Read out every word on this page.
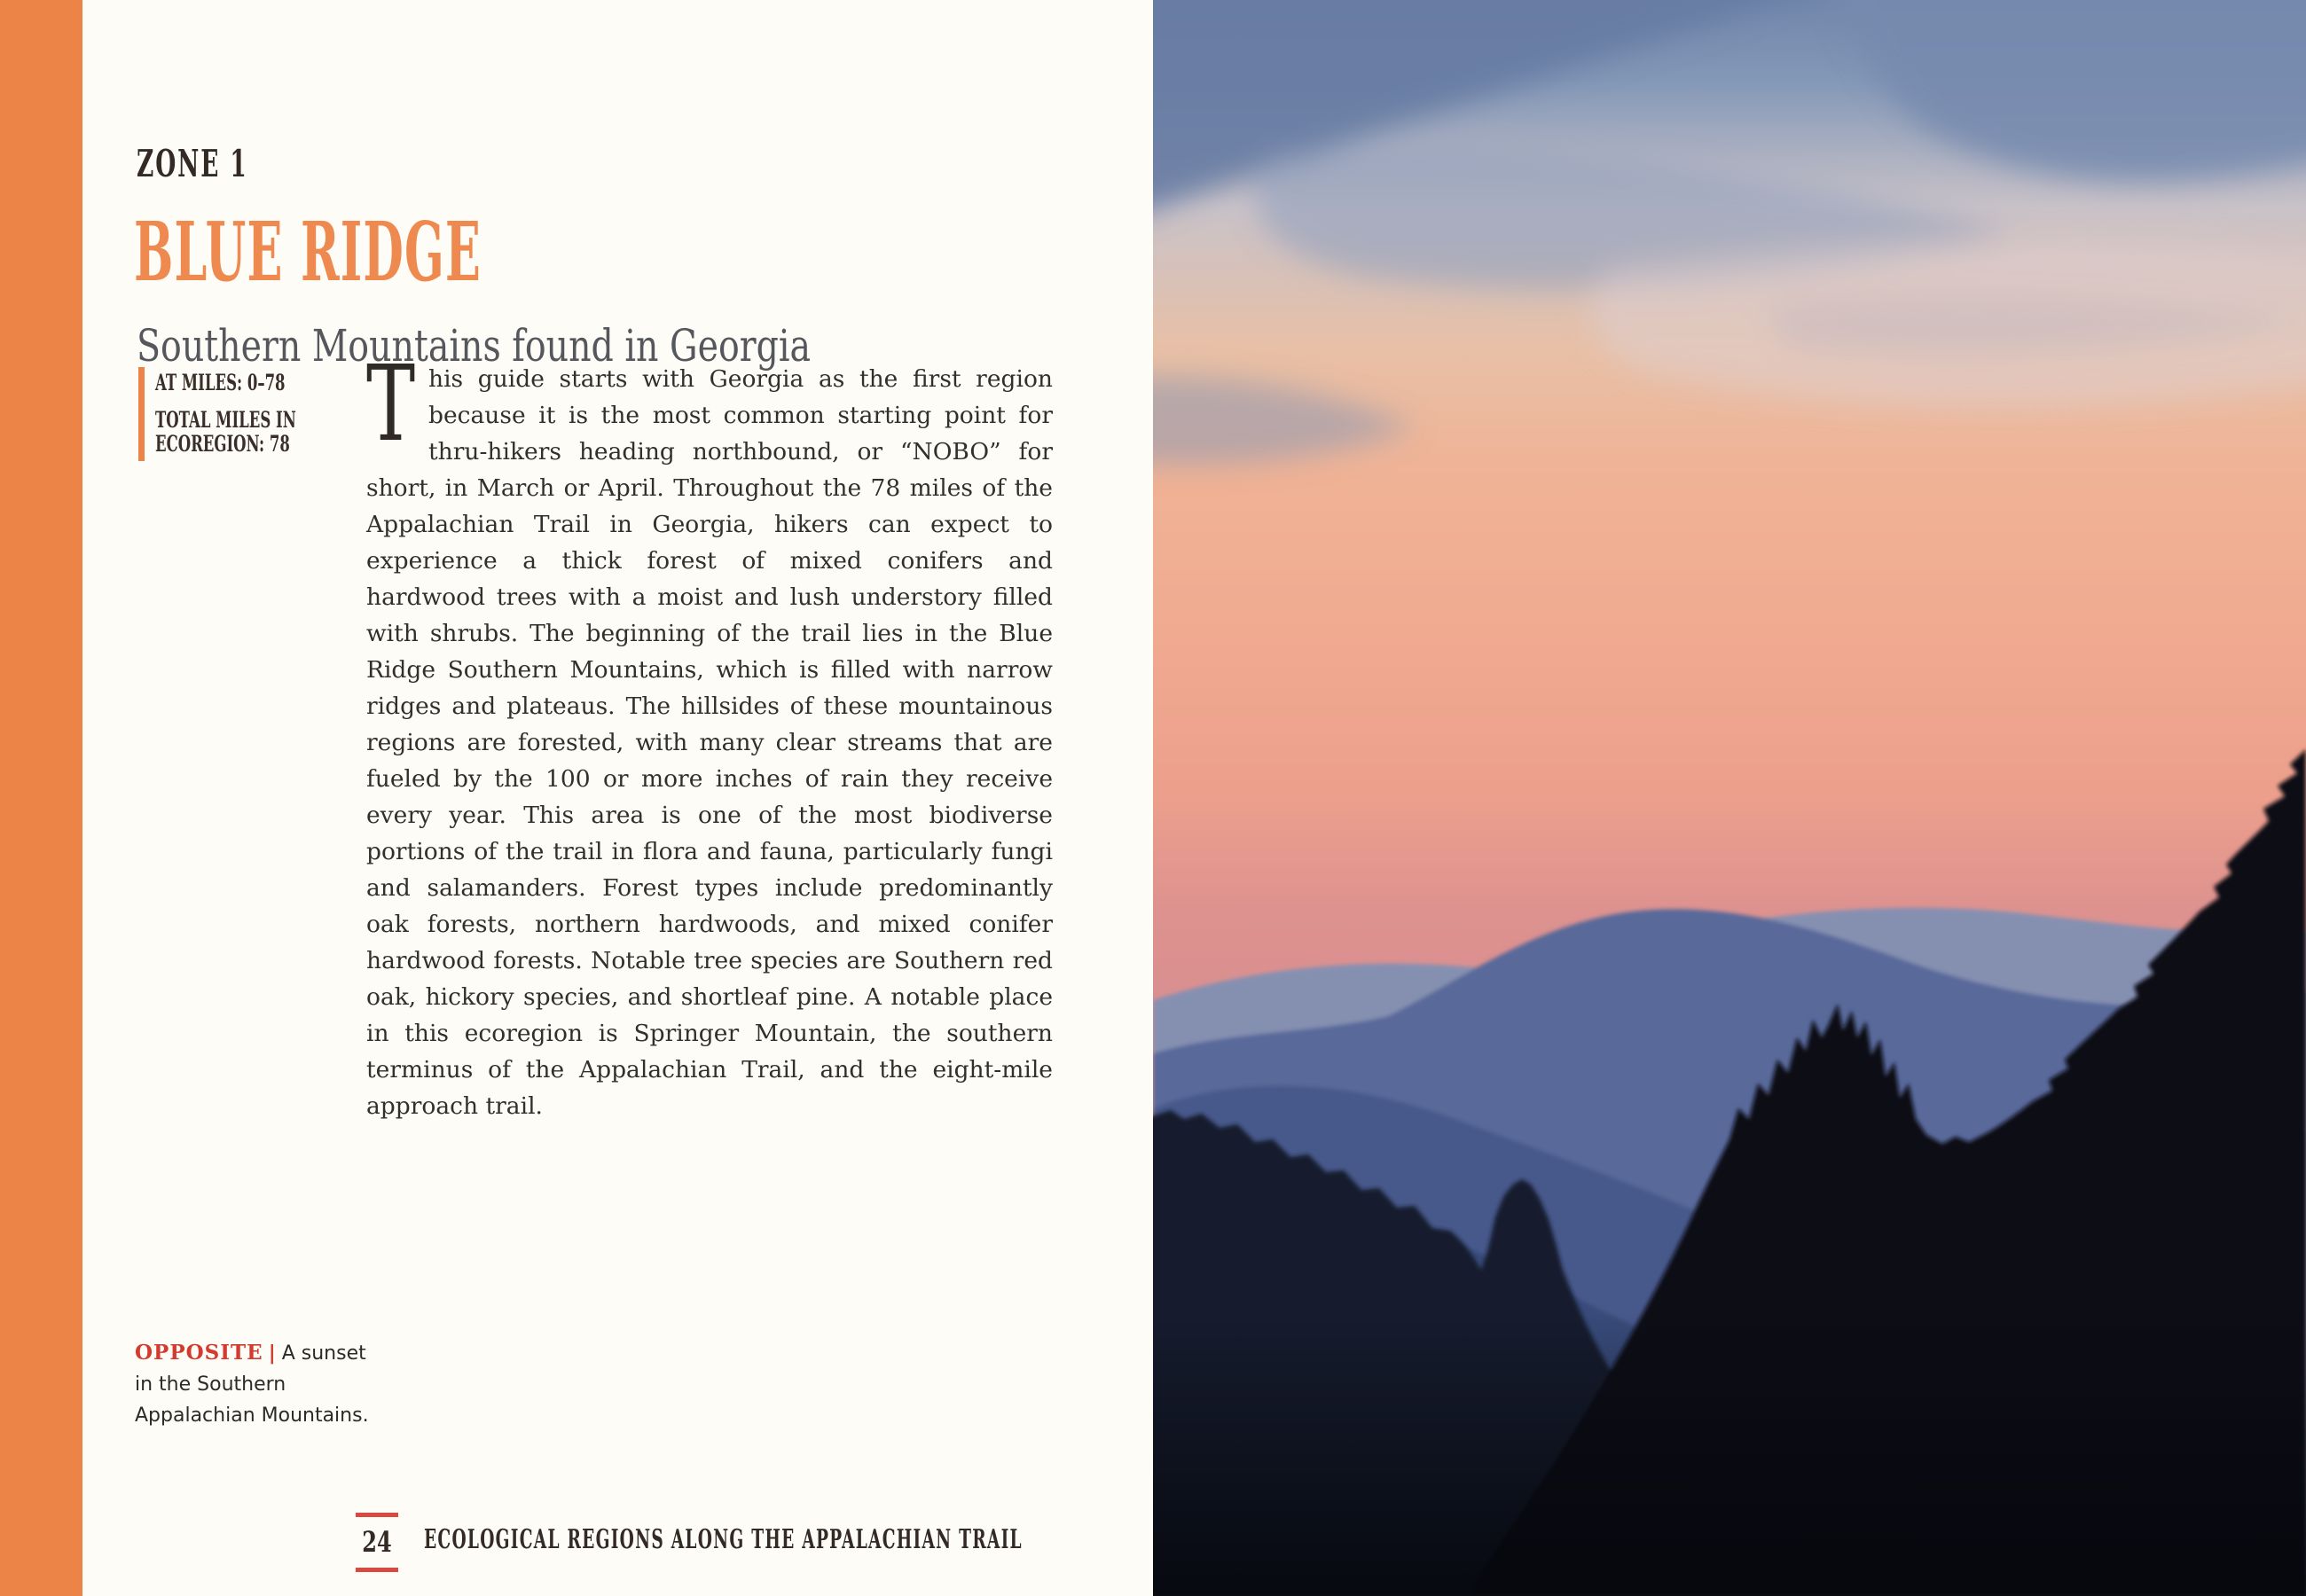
ZONE 1
BLUE RIDGE
Southern Mountains found in Georgia
AT MILES: 0–78
TOTAL MILES IN ECOREGION: 78 This guide starts with Georgia as the first region because it is the most common starting point for thru-hikers heading northbound, or “NOBO” for short, in March or April. Throughout the 78 miles of the Appalachian Trail in Georgia, hikers can expect to experience a thick forest of mixed conifers and hardwood trees with a moist and lush understory filled with shrubs. The beginning of the trail lies in the Blue Ridge Southern Mountains, which is filled with narrow ridges and plateaus. The hillsides of these mountainous regions are forested, with many clear streams that are fueled by the 100 or more inches of rain they receive every year. This area is one of the most biodiverse portions of the trail in flora and fauna, particularly fungi and salamanders. Forest types include predominantly oak forests, northern hardwoods, and mixed conifer hardwood forests. Notable tree species are Southern red oak, hickory species, and shortleaf pine. A notable place in this ecoregion is Springer Mountain, the southern terminus of the Appalachian Trail, and the eight-mile approach trail.
OPPOSITE | A sunset in the Southern Appalachian Mountains.
24 ECOLOGICAL REGIONS ALONG THE APPALACHIAN TRAIL
